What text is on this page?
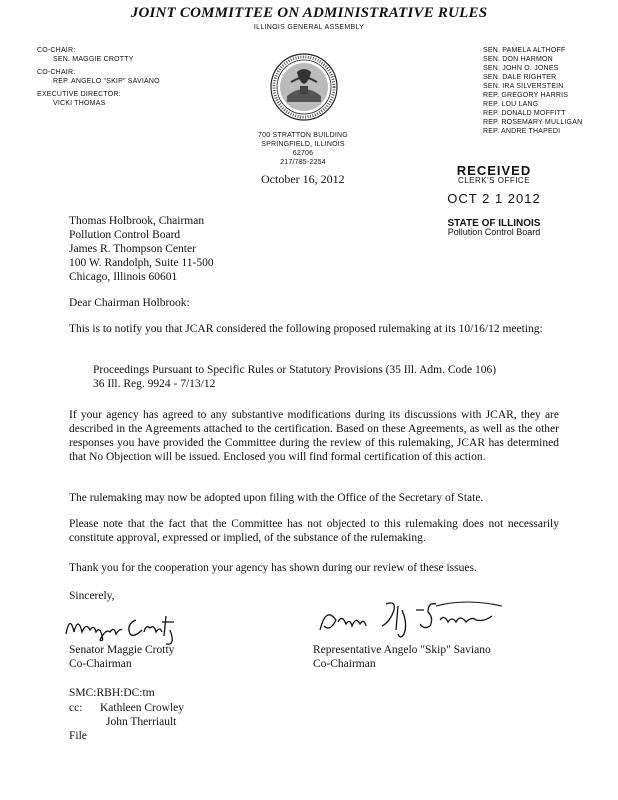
JOINT COMMITTEE ON ADMINISTRATIVE RULES
ILLINOIS GENERAL ASSEMBLY
CO-CHAIR:
SEN. MAGGIE CROTTY
CO-CHAIR:
REP. ANGELO "SKIP" SAVIANO
EXECUTIVE DIRECTOR:
VICKI THOMAS
SEN. PAMELA ALTHOFF
SEN. DON HARMON
SEN. JOHN O. JONES
SEN. DALE RIGHTER
SEN. IRA SILVERSTEIN
REP. GREGORY HARRIS
REP. LOU LANG
REP. DONALD MOFFITT
REP. ROSEMARY MULLIGAN
REP. ANDRE THAPEDI
700 STRATTON BUILDING
SPRINGFIELD, ILLINOIS 62706
217/785-2254
October 16, 2012
RECEIVED
CLERK'S OFFICE
OCT 2 1 2012
STATE OF ILLINOIS
Pollution Control Board
Thomas Holbrook, Chairman
Pollution Control Board
James R. Thompson Center
100 W. Randolph, Suite 11-500
Chicago, Illinois 60601
Dear Chairman Holbrook:
This is to notify you that JCAR considered the following proposed rulemaking at its 10/16/12 meeting:
Proceedings Pursuant to Specific Rules or Statutory Provisions (35 Ill. Adm. Code 106)
36 Ill. Reg. 9924 - 7/13/12
If your agency has agreed to any substantive modifications during its discussions with JCAR, they are described in the Agreements attached to the certification. Based on these Agreements, as well as the other responses you have provided the Committee during the review of this rulemaking, JCAR has determined that No Objection will be issued. Enclosed you will find formal certification of this action.
The rulemaking may now be adopted upon filing with the Office of the Secretary of State.
Please note that the fact that the Committee has not objected to this rulemaking does not necessarily constitute approval, expressed or implied, of the substance of the rulemaking.
Thank you for the cooperation your agency has shown during our review of these issues.
Sincerely,
Senator Maggie Crotty
Co-Chairman
Representative Angelo "Skip" Saviano
Co-Chairman
SMC:RBH:DC:tm
cc: Kathleen Crowley
John Therriault
File
